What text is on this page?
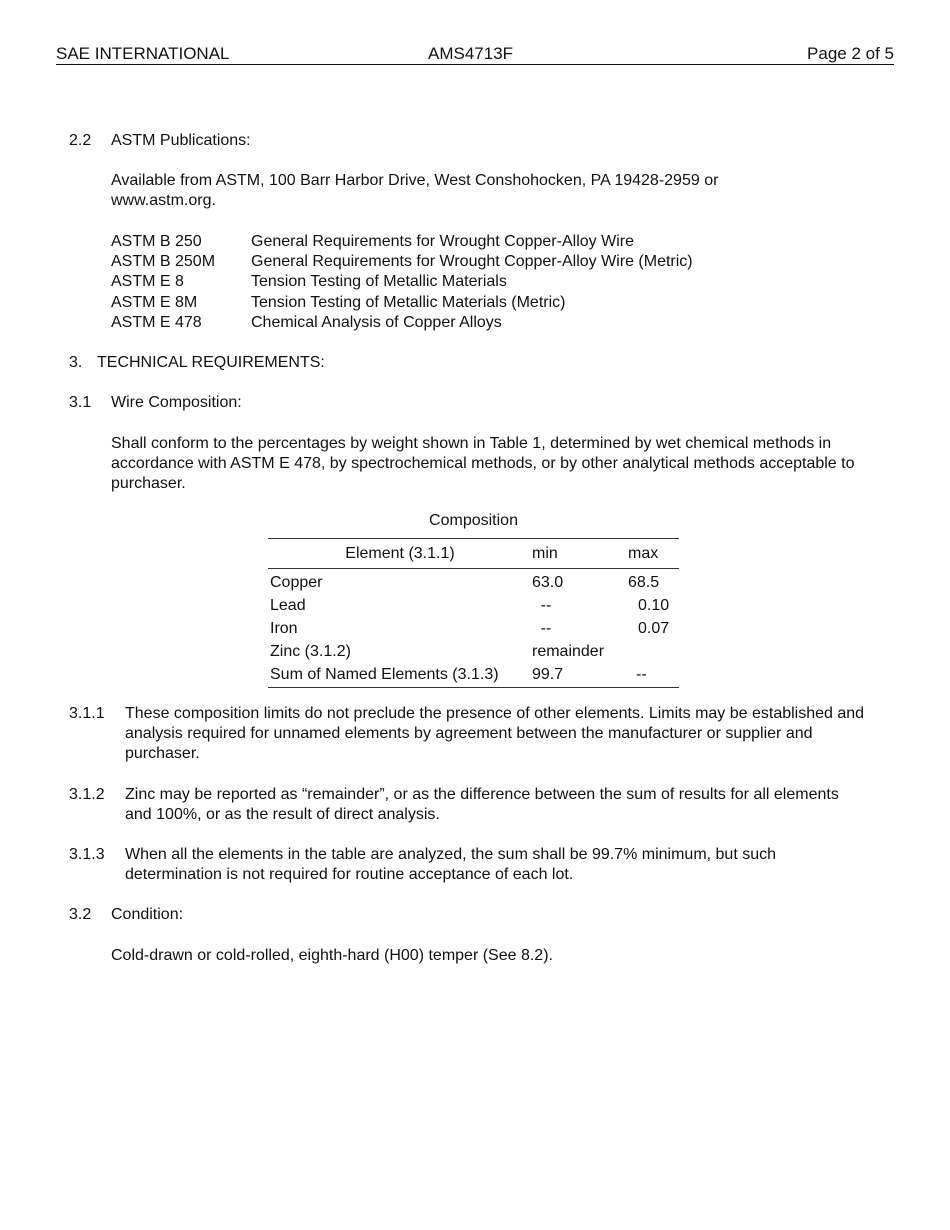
SAE INTERNATIONAL	AMS4713F	Page 2 of 5
2.2 ASTM Publications:
Available from ASTM, 100 Barr Harbor Drive, West Conshohocken, PA 19428-2959 or www.astm.org.
ASTM B 250	General Requirements for Wrought Copper-Alloy Wire
ASTM B 250M	General Requirements for Wrought Copper-Alloy Wire (Metric)
ASTM E 8	Tension Testing of Metallic Materials
ASTM E 8M	Tension Testing of Metallic Materials (Metric)
ASTM E 478	Chemical Analysis of Copper Alloys
3. TECHNICAL REQUIREMENTS:
3.1 Wire Composition:
Shall conform to the percentages by weight shown in Table 1, determined by wet chemical methods in accordance with ASTM E 478, by spectrochemical methods, or by other analytical methods acceptable to purchaser.
Composition
Element (3.1.1)	min	max
Copper	63.0	68.5
Lead	--	0.10
Iron	--	0.07
Zinc (3.1.2)	remainder	
Sum of Named Elements (3.1.3)	99.7	--
3.1.1 These composition limits do not preclude the presence of other elements. Limits may be established and analysis required for unnamed elements by agreement between the manufacturer or supplier and purchaser.
3.1.2 Zinc may be reported as “remainder”, or as the difference between the sum of results for all elements and 100%, or as the result of direct analysis.
3.1.3 When all the elements in the table are analyzed, the sum shall be 99.7% minimum, but such determination is not required for routine acceptance of each lot.
3.2 Condition:
Cold-drawn or cold-rolled, eighth-hard (H00) temper (See 8.2).
